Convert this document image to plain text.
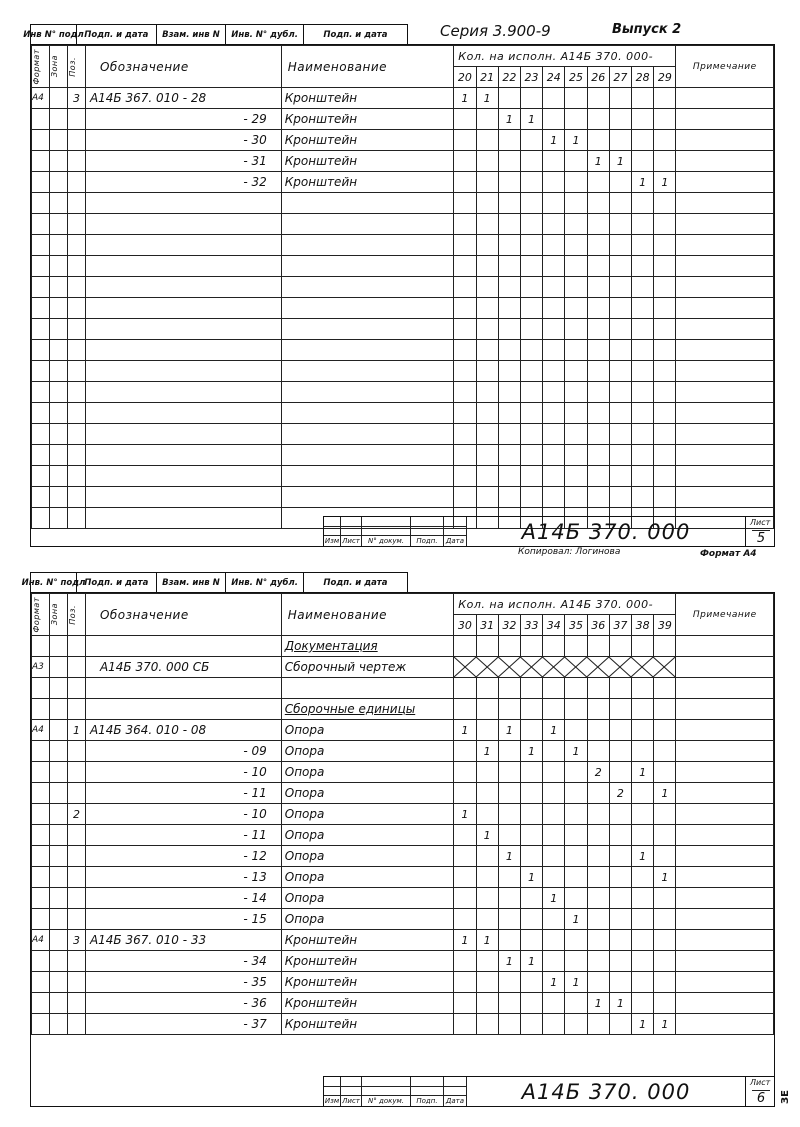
Инв N° подл Подп. и дата	Взам. инв N	Инв. N° дубл.	Подп. и дата	Серия 3.900-9	Выпуск 2
Формат	Зона	Поз.	Обозначение	Наименование	Кол. на исполн. А14Б 370. 000-										Примечание
					20	21	22	23	24	25	26	27	28	29	
А4		3	А14Б 367. 010 - 28	Кронштейн	1	1									
			- 29	Кронштейн			1	1							
			- 30	Кронштейн					1	1					
			- 31	Кронштейн							1	1			
			- 32	Кронштейн									1	1	

Изм Лист	N° докум.	Подп.	Дата	А14Б 370. 000	Лист
5
Копировал: Логинова	Формат А4
Инв. N° подл
Подп. и дата	Взам. инв N	Инв. N° дубл.	Подп. и дата
Формат	Зона	Поз.	Обозначение	Наименование	Кол. на исполн. А14Б 370. 000-										Примечание
					30	31	32	33	34	35	36	37	38	39	
				Документация											
А3			А14Б 370. 000 СБ	Сборочный чертеж	

				Сборочные единицы											
А4		1	А14Б 364. 010 - 08	Опора	1		1		1						
			- 09	Опора		1		1		1					
			- 10	Опора							2		1		
			- 11	Опора								2		1	
		2	- 10	Опора	1										
			- 11	Опора		1									
			- 12	Опора			1						1		
			- 13	Опора				1						1	
			- 14	Опора					1						
			- 15	Опора						1					
А4		3	А14Б 367. 010 - 33	Кронштейн	1	1									
			- 34	Кронштейн			1	1							
			- 35	Кронштейн					1	1					
			- 36	Кронштейн							1	1			
			- 37	Кронштейн									1	1	
Изм Лист	N° докум.	Подп.	Дата	А14Б 370. 000	Лист
6	ЗЕ
